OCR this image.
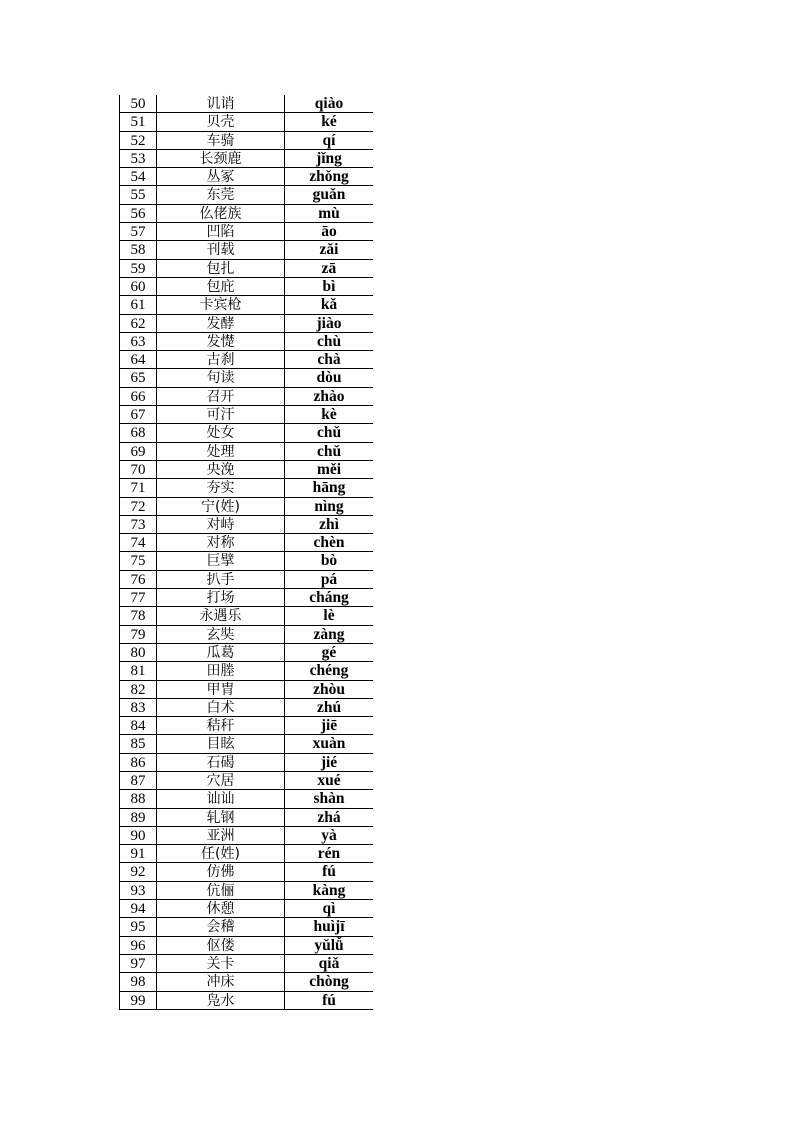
50	讥诮	qiào
51	贝壳	ké
52	车骑	qí
53	长颈鹿	jǐng
54	丛冢	zhǒng
55	东莞	guǎn
56	仫佬族	mù
57	凹陷	āo
58	刊载	zǎi
59	包扎	zā
60	包庇	bì
61	卡宾枪	kǎ
62	发酵	jiào
63	发憷	chù
64	古刹	chà
65	句读	dòu
66	召开	zhào
67	可汗	kè
68	处女	chǔ
69	处理	chǔ
70	央浼	měi
71	夯实	hāng
72	宁(姓)	nìng
73	对峙	zhì
74	对称	chèn
75	巨擘	bò
76	扒手	pá
77	打场	cháng
78	永遇乐	lè
79	玄奘	zàng
80	瓜葛	gé
81	田塍	chéng
82	甲胄	zhòu
83	白术	zhú
84	秸秆	jiē
85	目眩	xuàn
86	石碣	jié
87	穴居	xué
88	讪讪	shàn
89	轧钢	zhá
90	亚洲	yà
91	任(姓)	rén
92	仿佛	fú
93	伉俪	kàng
94	休憩	qì
95	会稽	huìjī
96	伛偻	yǔlǚ
97	关卡	qiǎ
98	冲床	chòng
99	凫水	fú
